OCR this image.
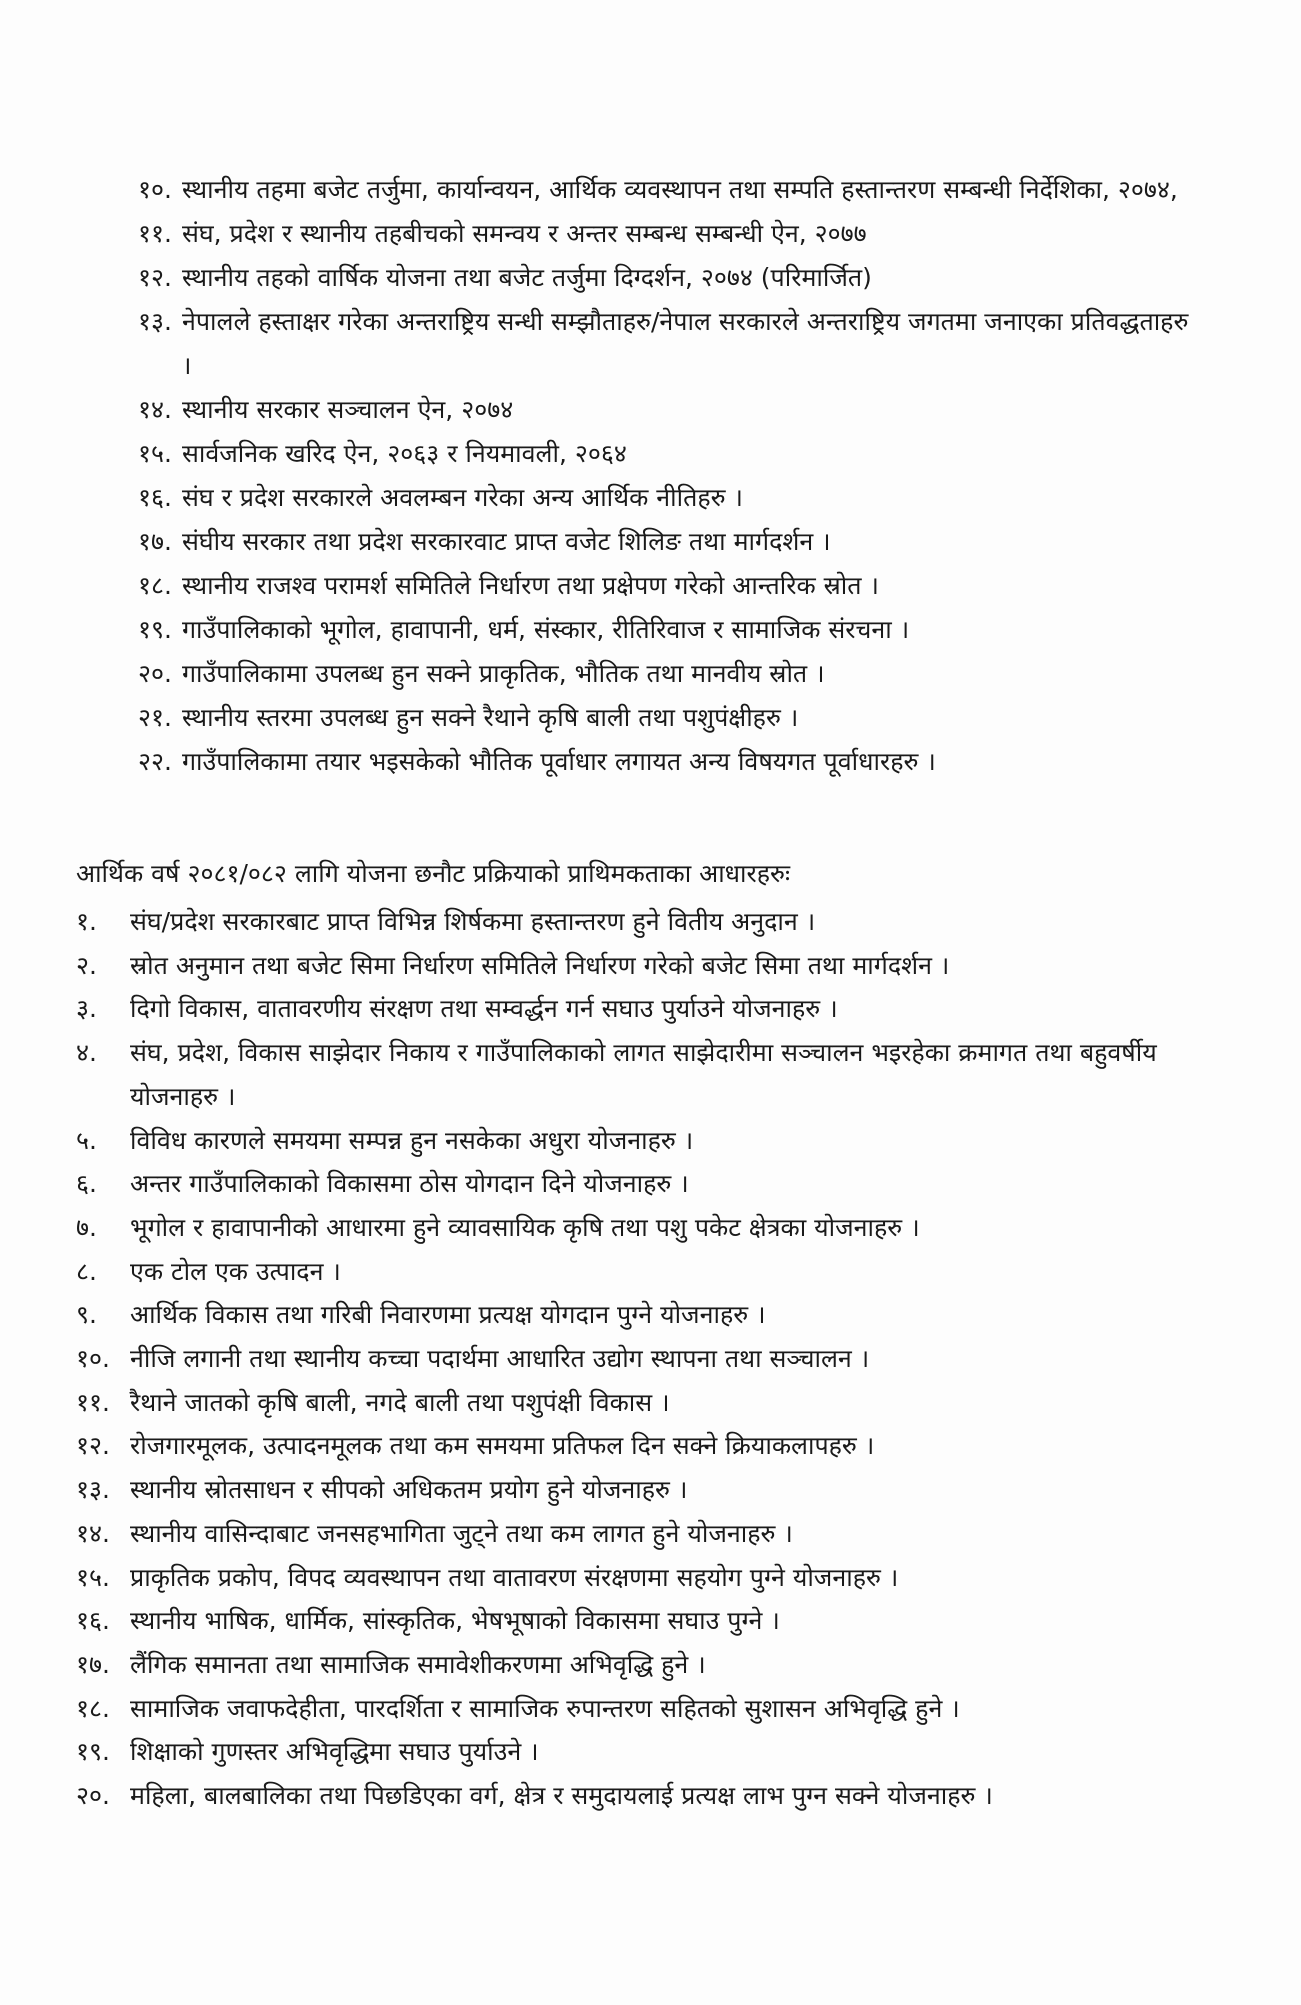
१०. स्थानीय तहमा बजेट तर्जुमा, कार्यान्वयन, आर्थिक व्यवस्थापन तथा सम्पति हस्तान्तरण सम्बन्धी निर्देशिका, २०७४,
११. संघ, प्रदेश र स्थानीय तहबीचको समन्वय र अन्तर सम्बन्ध सम्बन्धी ऐन, २०७७
१२. स्थानीय तहको वार्षिक योजना तथा बजेट तर्जुमा दिग्दर्शन, २०७४ (परिमार्जित)
१३. नेपालले हस्ताक्षर गरेका अन्तराष्ट्रिय सन्धी सम्झौताहरु/नेपाल सरकारले अन्तराष्ट्रिय जगतमा जनाएका प्रतिवद्धताहरु ।
१४. स्थानीय सरकार सञ्चालन ऐन, २०७४
१५. सार्वजनिक खरिद ऐन, २०६३ र नियमावली, २०६४
१६. संघ र प्रदेश सरकारले अवलम्बन गरेका अन्य आर्थिक नीतिहरु ।
१७. संघीय सरकार तथा प्रदेश सरकारवाट प्राप्त वजेट शिलिङ तथा मार्गदर्शन ।
१८. स्थानीय राजश्व परामर्श समितिले निर्धारण तथा प्रक्षेपण गरेको आन्तरिक स्रोत ।
१९. गाउँपालिकाको भूगोल, हावापानी, धर्म, संस्कार, रीतिरिवाज र सामाजिक संरचना ।
२०. गाउँपालिकामा उपलब्ध हुन सक्ने प्राकृतिक, भौतिक तथा मानवीय स्रोत ।
२१. स्थानीय स्तरमा उपलब्ध हुन सक्ने रैथाने कृषि बाली तथा पशुपंक्षीहरु ।
२२. गाउँपालिकामा तयार भइसकेको भौतिक पूर्वाधार लगायत अन्य विषयगत पूर्वाधारहरु ।
आर्थिक वर्ष २०८१/०८२ लागि योजना छनौट प्रक्रियाको प्राथिमकताका आधारहरुः
१.	संघ/प्रदेश सरकारबाट प्राप्त विभिन्न शिर्षकमा हस्तान्तरण हुने वितीय अनुदान ।
२.	स्रोत अनुमान तथा बजेट सिमा निर्धारण समितिले निर्धारण गरेको बजेट सिमा तथा मार्गदर्शन ।
३.	दिगो विकास, वातावरणीय संरक्षण तथा सम्वर्द्धन गर्न सघाउ पुर्याउने योजनाहरु ।
४.	संघ, प्रदेश, विकास साझेदार निकाय र गाउँपालिकाको लागत साझेदारीमा सञ्चालन भइरहेका क्रमागत तथा बहुवर्षीय योजनाहरु ।
५.	विविध कारणले समयमा सम्पन्न हुन नसकेका अधुरा योजनाहरु ।
६.	अन्तर गाउँपालिकाको विकासमा ठोस योगदान दिने योजनाहरु ।
७.	भूगोल र हावापानीको आधारमा हुने व्यावसायिक कृषि तथा पशु पकेट क्षेत्रका योजनाहरु ।
८.	एक टोल एक उत्पादन ।
९.	आर्थिक विकास तथा गरिबी निवारणमा प्रत्यक्ष योगदान पुग्ने योजनाहरु ।
१०. नीजि लगानी तथा स्थानीय कच्चा पदार्थमा आधारित उद्योग स्थापना तथा सञ्चालन ।
११. रैथाने जातको कृषि बाली, नगदे बाली तथा पशुपंक्षी विकास ।
१२. रोजगारमूलक, उत्पादनमूलक तथा कम समयमा प्रतिफल दिन सक्ने क्रियाकलापहरु ।
१३. स्थानीय स्रोतसाधन र सीपको अधिकतम प्रयोग हुने योजनाहरु ।
१४. स्थानीय वासिन्दाबाट जनसहभागिता जुट्ने तथा कम लागत हुने योजनाहरु ।
१५. प्राकृतिक प्रकोप, विपद व्यवस्थापन तथा वातावरण संरक्षणमा सहयोग पुग्ने योजनाहरु ।
१६. स्थानीय भाषिक, धार्मिक, सांस्कृतिक, भेषभूषाको विकासमा सघाउ पुग्ने ।
१७. लैंगिक समानता तथा सामाजिक समावेशीकरणमा अभिवृद्धि हुने ।
१८. सामाजिक जवाफदेहीता, पारदर्शिता र सामाजिक रुपान्तरण सहितको सुशासन अभिवृद्धि हुने ।
१९. शिक्षाको गुणस्तर अभिवृद्धिमा सघाउ पुर्याउने ।
२०. महिला, बालबालिका तथा पिछडिएका वर्ग, क्षेत्र र समुदायलाई प्रत्यक्ष लाभ पुग्न सक्ने योजनाहरु ।
